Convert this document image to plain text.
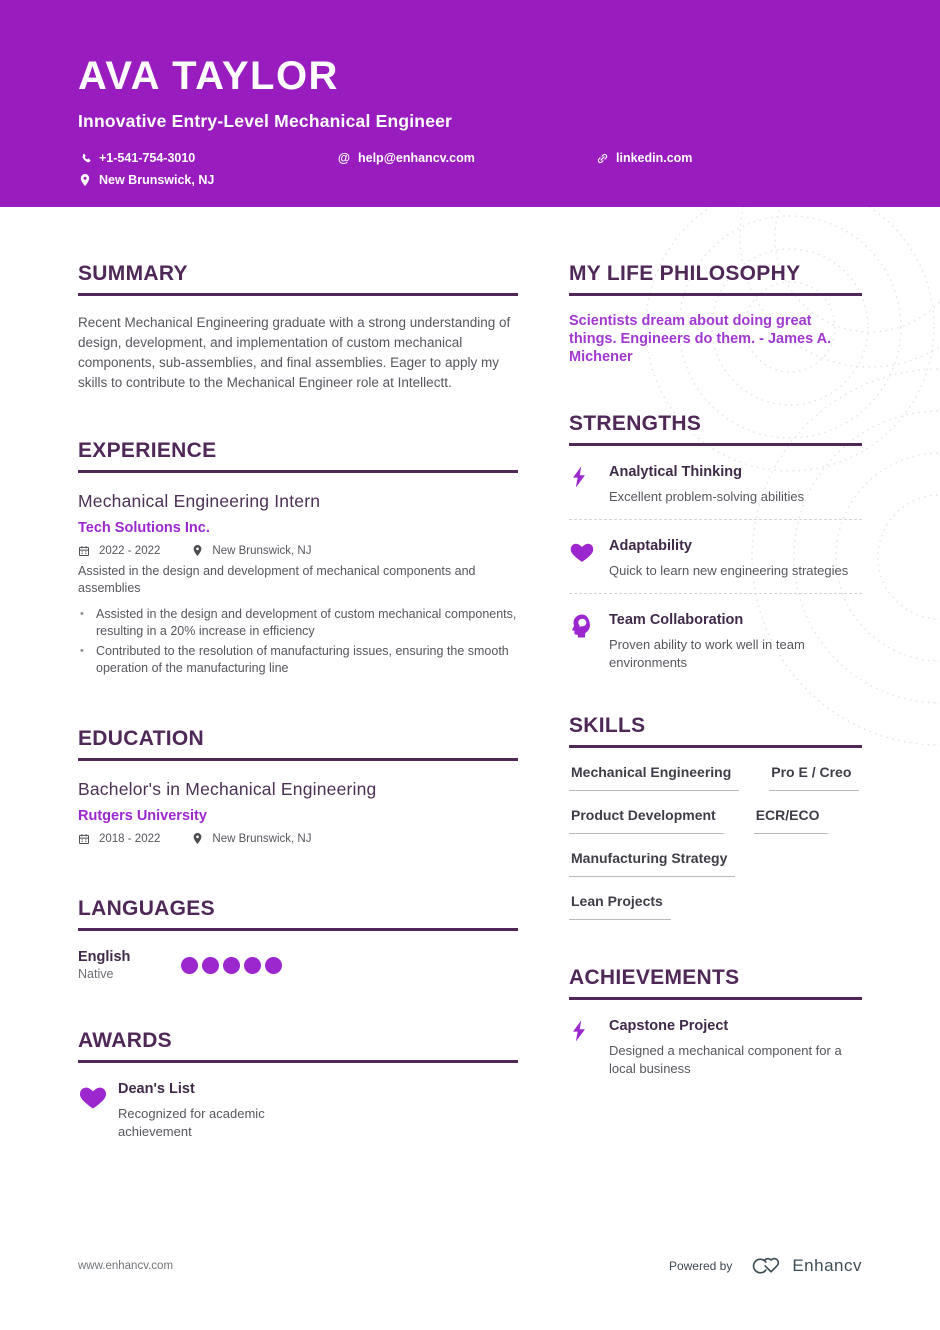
AVA TAYLOR
Innovative Entry-Level Mechanical Engineer
+1-541-754-3010	@ help@enhancv.com	linkedin.com
New Brunswick, NJ
SUMMARY

Recent Mechanical Engineering graduate with a strong understanding of design, development, and implementation of custom mechanical components, sub-assemblies, and final assemblies. Eager to apply my skills to contribute to the Mechanical Engineer role at Intellectt.

EXPERIENCE
Mechanical Engineering Intern
Tech Solutions Inc.
2022 - 2022	New Brunswick, NJ
Assisted in the design and development of mechanical components and assemblies
• Assisted in the design and development of custom mechanical components, resulting in a 20% increase in efficiency
• Contributed to the resolution of manufacturing issues, ensuring the smooth operation of the manufacturing line
EDUCATION
Bachelor's in Mechanical Engineering
Rutgers University
2018 - 2022	New Brunswick, NJ
LANGUAGES
English
Native
AWARDS
Dean's List
Recognized for academic achievement
MY LIFE PHILOSOPHY

Scientists dream about doing great things. Engineers do them. - James A. Michener

STRENGTHS
Analytical Thinking
Excellent problem-solving abilities
Adaptability
Quick to learn new engineering strategies
Team Collaboration
Proven ability to work well in team environments
SKILLS
Mechanical Engineering	Pro E / Creo
Product Development	ECR/ECO
Manufacturing Strategy
Lean Projects
ACHIEVEMENTS
Capstone Project
Designed a mechanical component for a local business
www.enhancv.com	Powered by	Enhancv
